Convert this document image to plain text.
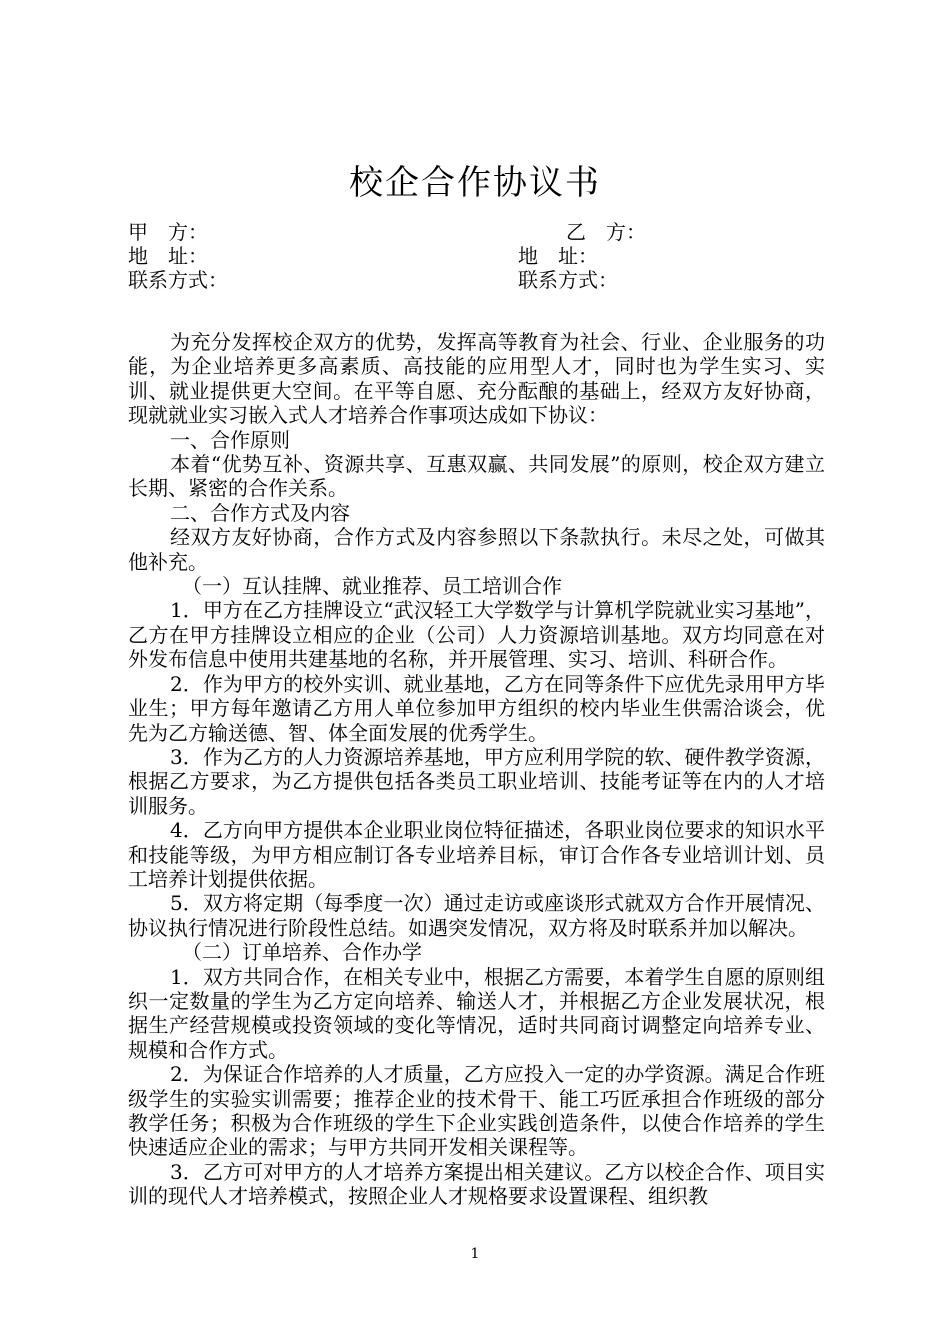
校企合作协议书
甲　方：	乙　方：
地　址：	地　址：
联系方式：	联系方式：

为充分发挥校企双方的优势，发挥高等教育为社会、行业、企业服务的功能，为企业培养更多高素质、高技能的应用型人才，同时也为学生实习、实训、就业提供更大空间。在平等自愿、充分酝酿的基础上，经双方友好协商，现就就业实习嵌入式人才培养合作事项达成如下协议：

一、合作原则

本着“优势互补、资源共享、互惠双赢、共同发展”的原则，校企双方建立长期、紧密的合作关系。

二、合作方式及内容

经双方友好协商，合作方式及内容参照以下条款执行。未尽之处，可做其他补充。

（一）互认挂牌、就业推荐、员工培训合作

1．甲方在乙方挂牌设立“武汉轻工大学数学与计算机学院就业实习基地”，乙方在甲方挂牌设立相应的企业（公司）人力资源培训基地。双方均同意在对外发布信息中使用共建基地的名称，并开展管理、实习、培训、科研合作。

2．作为甲方的校外实训、就业基地，乙方在同等条件下应优先录用甲方毕业生；甲方每年邀请乙方用人单位参加甲方组织的校内毕业生供需洽谈会，优先为乙方输送德、智、体全面发展的优秀学生。

3．作为乙方的人力资源培养基地，甲方应利用学院的软、硬件教学资源，根据乙方要求，为乙方提供包括各类员工职业培训、技能考证等在内的人才培训服务。

4．乙方向甲方提供本企业职业岗位特征描述，各职业岗位要求的知识水平和技能等级，为甲方相应制订各专业培养目标，审订合作各专业培训计划、员工培养计划提供依据。

5．双方将定期（每季度一次）通过走访或座谈形式就双方合作开展情况、协议执行情况进行阶段性总结。如遇突发情况，双方将及时联系并加以解决。

（二）订单培养、合作办学

1．双方共同合作，在相关专业中，根据乙方需要，本着学生自愿的原则组织一定数量的学生为乙方定向培养、输送人才，并根据乙方企业发展状况，根据生产经营规模或投资领域的变化等情况，适时共同商讨调整定向培养专业、规模和合作方式。

2．为保证合作培养的人才质量，乙方应投入一定的办学资源。满足合作班级学生的实验实训需要；推荐企业的技术骨干、能工巧匠承担合作班级的部分教学任务；积极为合作班级的学生下企业实践创造条件，以使合作培养的学生快速适应企业的需求；与甲方共同开发相关课程等。

3．乙方可对甲方的人才培养方案提出相关建议。乙方以校企合作、项目实训的现代人才培养模式，按照企业人才规格要求设置课程、组织教

1
